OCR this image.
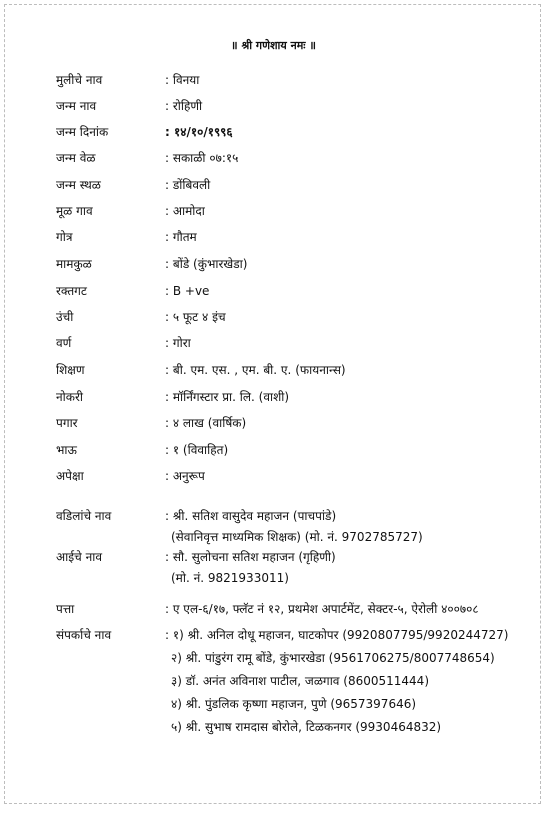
॥ श्री गणेशाय नमः ॥
मुलीचे नाव	: विनया
जन्म नाव	: रोहिणी
जन्म दिनांक	: १४/१०/१९९६
जन्म वेळ	: सकाळी ०७:१५
जन्म स्थळ	: डोंबिवली
मूळ गाव	: आमोदा
गोत्र	: गौतम
मामकुळ	: बोंडे (कुंभारखेडा)
रक्तगट	: B +ve
उंची	: ५ फूट ४ इंच
वर्ण	: गोरा
शिक्षण	: बी. एम. एस. , एम. बी. ए. (फायनान्स)
नोकरी	: मॉर्निंगस्टार प्रा. लि. (वाशी)
पगार	: ४ लाख (वार्षिक)
भाऊ	: १ (विवाहित)
अपेक्षा	: अनुरूप
वडिलांचे नाव	: श्री. सतिश वासुदेव महाजन (पाचपांडे)
(सेवानिवृत्त माध्यमिक शिक्षक) (मो. नं. 9702785727)
आईचे नाव	: सौ. सुलोचना सतिश महाजन (गृहिणी)
(मो. नं. 9821933011)
पत्ता	: ए एल-६/१७, फ्लॅट नं १२, प्रथमेश अपार्टमेंट, सेक्टर-५, ऐरोली ४००७०८
संपर्काचे नाव	: १) श्री. अनिल दोधू महाजन, घाटकोपर (9920807795/9920244727)
२) श्री. पांडुरंग रामू बोंडे, कुंभारखेडा (9561706275/8007748654)
३) डॉ. अनंत अविनाश पाटील, जळगाव (8600511444)
४) श्री. पुंडलिक कृष्णा महाजन, पुणे (9657397646)
५) श्री. सुभाष रामदास बोरोले, टिळकनगर (9930464832)
